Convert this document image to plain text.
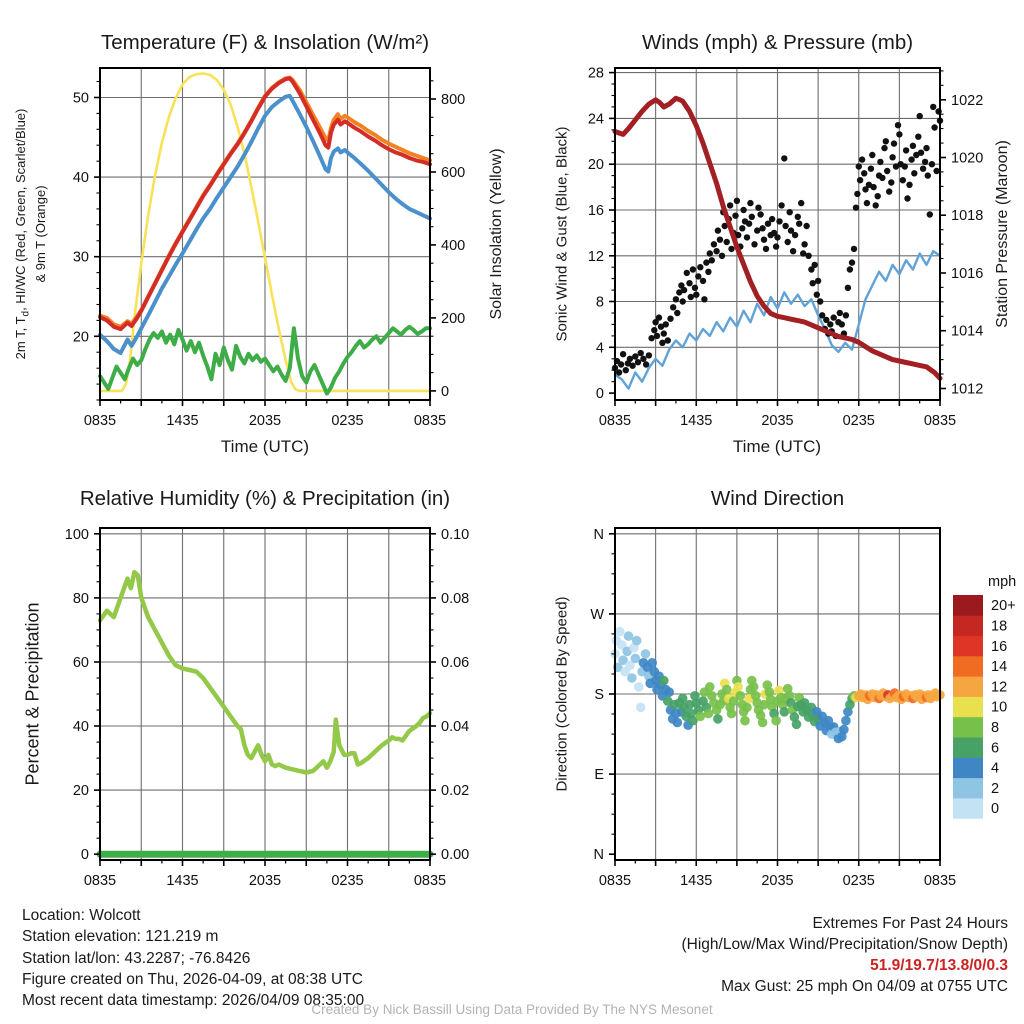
0835	1435	2035	0235	0835
20
30
40
50
0
200
400
600
800
0835	1435	2035	0235	0835
0
4
8
12
16
20
24
28
1012
1014
1016
1018
1020
1022
0835	1435	2035	0235	0835
0
20
40
60
80
100
0.00
0.02
0.04
0.06
0.08
0.10
0835	1435	2035	0235	0835
N
E
S
W
N
0
2
4
6
8
10
12
14
16
18
20+
mph
Temperature (F) & Insolation (W/m²)	Winds (mph) & Pressure (mb)
Relative Humidity (%) & Precipitation (in)	Wind Direction
Time (UTC)	Time (UTC)
2m T, $T_d$, HI/WC (Red, Green, Scarlet/Blue) & 9m T (Orange)	Solar Insolation (Yellow)	Sonic Wind & Gust (Blue, Black)	Station Pressure (Maroon)
Percent & Precipitation	Direction (Colored By Speed)
Location: Wolcott
Station elevation: 121.219 m
Station lat/lon: 43.2287; -76.8426
Figure created on Thu, 2026-04-09, at 08:38 UTC
Most recent data timestamp: 2026/04/09 08:35:00
Extremes For Past 24 Hours
(High/Low/Max Wind/Precipitation/Snow Depth)
51.9/19.7/13.8/0/0.3
Max Gust: 25 mph On 04/09 at 0755 UTC
Created By Nick Bassill Using Data Provided By The NYS Mesonet
